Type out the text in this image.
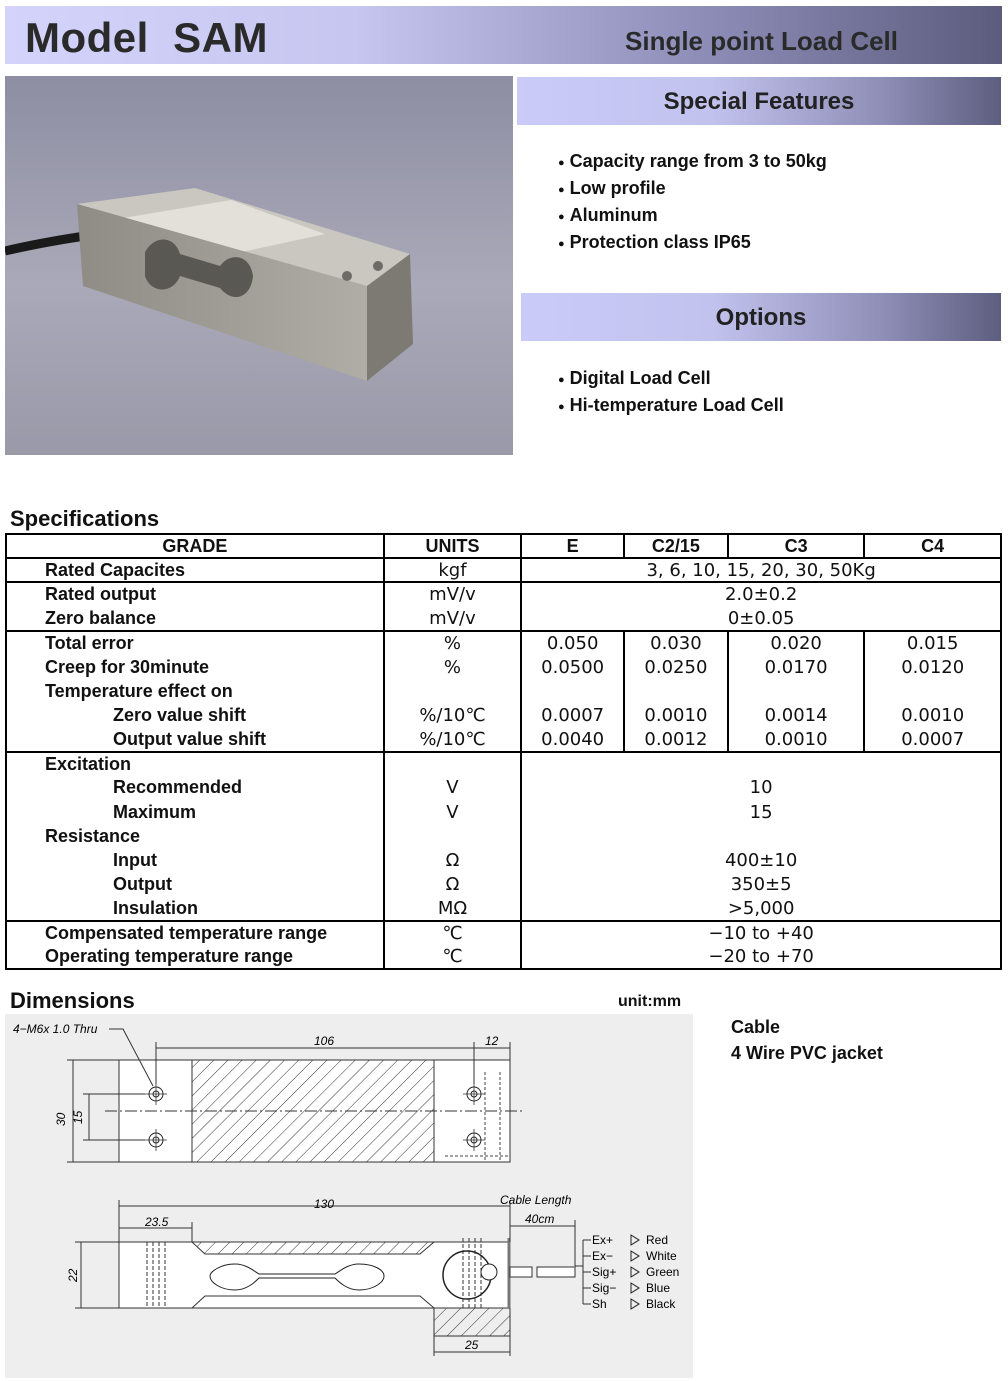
Model  SAM	Single point Load Cell
Special Features
● Capacity range from 3 to 50kg
● Low profile
● Aluminum
● Protection class IP65
Options
● Digital Load Cell
● Hi-temperature Load Cell
Specifications
GRADE	UNITS	E	C2/15	C3	C4
Rated Capacites	kgf	3, 6, 10, 15, 20, 30, 50Kg			
Rated output	mV/v	2.0±0.2			
Zero balance	mV/v	0±0.05			
Total error	%	0.050	0.030	0.020	0.015
Creep for 30minute	%	0.0500	0.0250	0.0170	0.0120
Temperature effect on					
Zero value shift	%/10℃	0.0007	0.0010	0.0014	0.0010
Output value shift	%/10℃	0.0040	0.0012	0.0010	0.0007
Excitation					
Recommended	V	10			
Maximum	V	15			
Resistance					
Input	Ω	400±10			
Output	Ω	350±5			
Insulation	MΩ	>5,000			
Compensated temperature range	℃	−10 to +40			
Operating temperature range	℃	−20 to +70			
Dimensions	unit:mm
4−M6x 1.0 Thru
106	12
30 15
130
23.5
Cable Length
40cm
22
25
Ex+
Ex−
Sig+
Sig−
Sh
Red
White
Green
Blue
Black
Cable
4 Wire PVC jacket
